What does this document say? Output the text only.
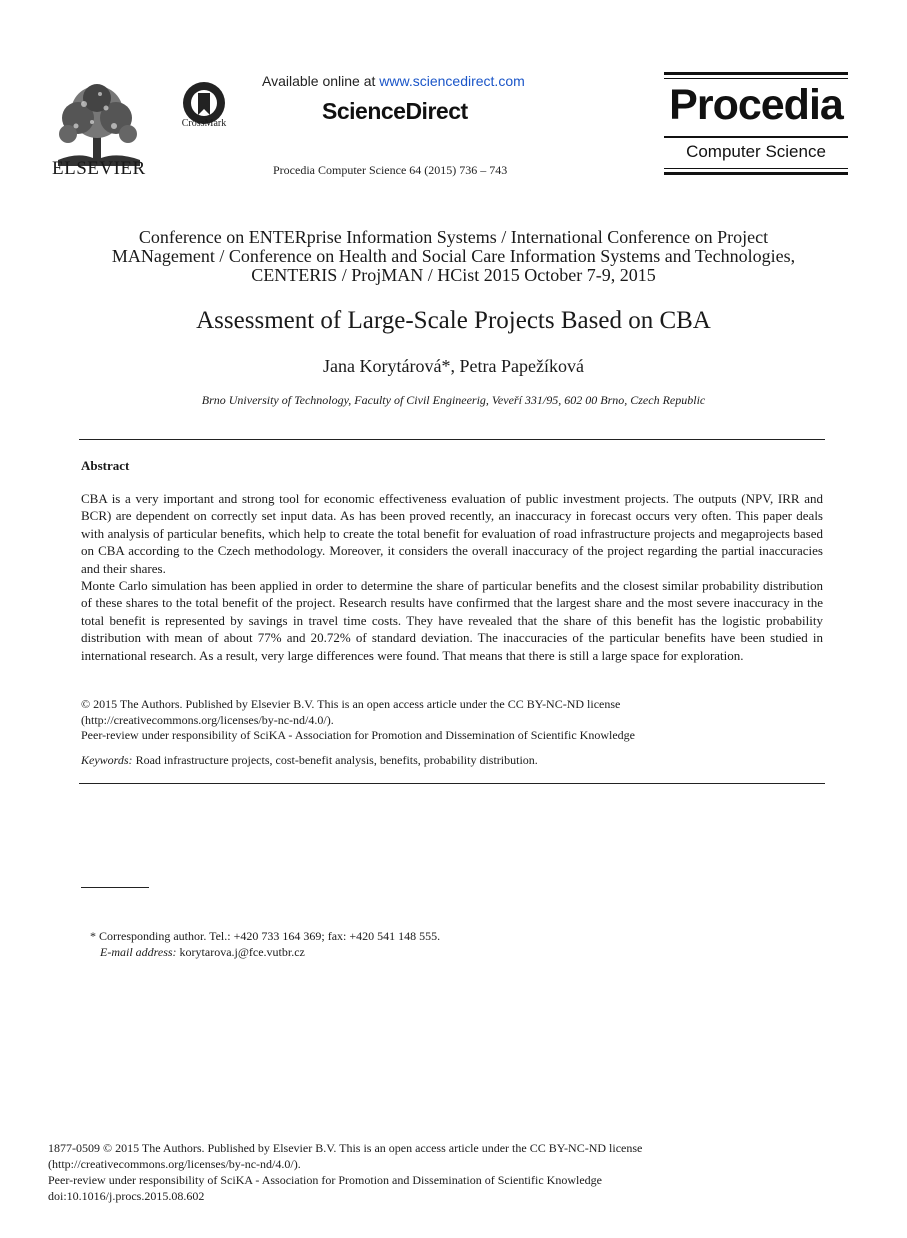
ELSEVIER
CrossMark
Available online at www.sciencedirect.com
ScienceDirect
Procedia Computer Science 64 (2015) 736 – 743
Procedia
Computer Science
Conference on ENTERprise Information Systems / International Conference on Project
MANagement / Conference on Health and Social Care Information Systems and Technologies,
CENTERIS / ProjMAN / HCist 2015 October 7-9, 2015
Assessment of Large-Scale Projects Based on CBA
Jana Korytárová*, Petra Papežíková
Brno University of Technology, Faculty of Civil Engineerig, Veveří 331/95, 602 00 Brno, Czech Republic
Abstract

CBA is a very important and strong tool for economic effectiveness evaluation of public investment projects. The outputs (NPV, IRR and BCR) are dependent on correctly set input data. As has been proved recently, an inaccuracy in forecast occurs very often. This paper deals with analysis of particular benefits, which help to create the total benefit for evaluation of road infrastructure projects and megaprojects based on CBA according to the Czech methodology. Moreover, it considers the overall inaccuracy of the project regarding the partial inaccuracies and their shares.

Monte Carlo simulation has been applied in order to determine the share of particular benefits and the closest similar probability distribution of these shares to the total benefit of the project. Research results have confirmed that the largest share and the most severe inaccuracy in the total benefit is represented by savings in travel time costs. They have revealed that the share of this benefit has the logistic probability distribution with mean of about 77% and 20.72% of standard deviation. The inaccuracies of the particular benefits have been studied in international research. As a result, very large differences were found. That means that there is still a large space for exploration.

© 2015 The Authors. Published by Elsevier B.V. This is an open access article under the CC BY-NC-ND license
(http://creativecommons.org/licenses/by-nc-nd/4.0/).
Peer-review under responsibility of SciKA - Association for Promotion and Dissemination of Scientific Knowledge
Keywords: Road infrastructure projects, cost-benefit analysis, benefits, probability distribution.
* Corresponding author. Tel.: +420 733 164 369; fax: +420 541 148 555.
E-mail address: korytarova.j@fce.vutbr.cz
1877-0509 © 2015 The Authors. Published by Elsevier B.V. This is an open access article under the CC BY-NC-ND license
(http://creativecommons.org/licenses/by-nc-nd/4.0/).
Peer-review under responsibility of SciKA - Association for Promotion and Dissemination of Scientific Knowledge
doi:10.1016/j.procs.2015.08.602
